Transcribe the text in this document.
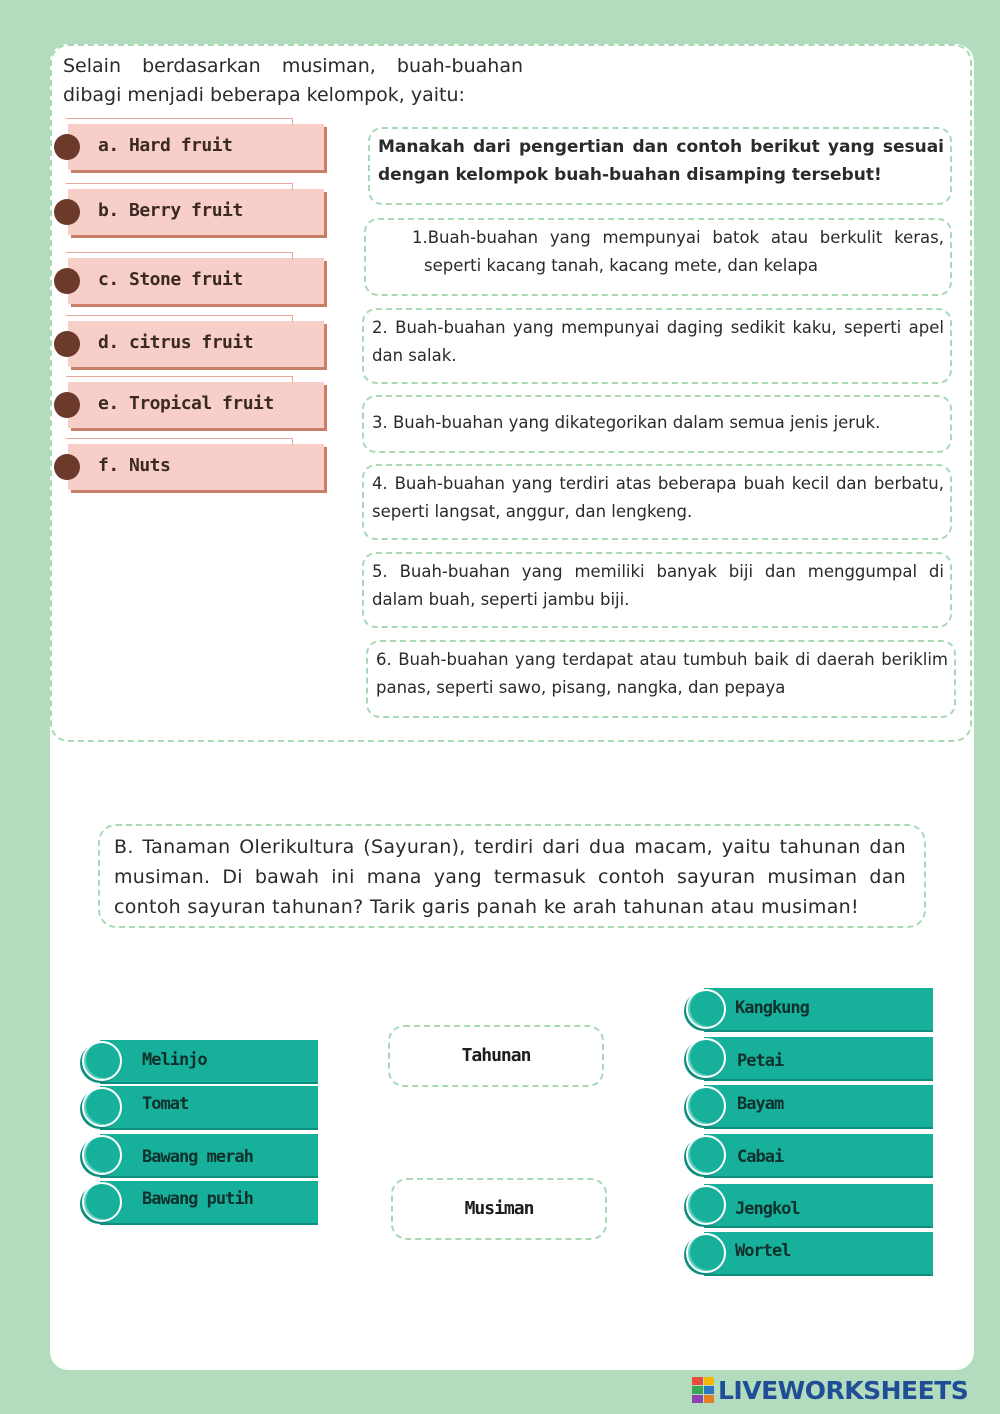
Selain berdasarkan musiman, buah-buahan
dibagi menjadi beberapa kelompok, yaitu:
a. Hard fruit
b. Berry fruit
c. Stone fruit
d. citrus fruit
e. Tropical fruit
f. Nuts
Manakah dari pengertian dan contoh berikut yang sesuai dengan kelompok buah-buahan disamping tersebut!
1.Buah-buahan yang mempunyai batok atau berkulit keras, seperti kacang tanah, kacang mete, dan kelapa
2. Buah-buahan yang mempunyai daging sedikit kaku, seperti apel dan salak.
3. Buah-buahan yang dikategorikan dalam semua jenis jeruk.
4. Buah-buahan yang terdiri atas beberapa buah kecil dan berbatu, seperti langsat, anggur, dan lengkeng.
5. Buah-buahan yang memiliki banyak biji dan menggumpal di dalam buah, seperti jambu biji.
6. Buah-buahan yang terdapat atau tumbuh baik di daerah beriklim panas, seperti sawo, pisang, nangka, dan pepaya
B. Tanaman Olerikultura (Sayuran), terdiri dari dua macam, yaitu tahunan dan musiman. Di bawah ini mana yang termasuk contoh sayuran musiman dan contoh sayuran tahunan? Tarik garis panah ke arah tahunan atau musiman!
Melinjo
Tomat
Bawang merah
Bawang putih
Tahunan
Musiman
Kangkung
Petai
Bayam
Cabai
Jengkol
Wortel
LIVEWORKSHEETS
